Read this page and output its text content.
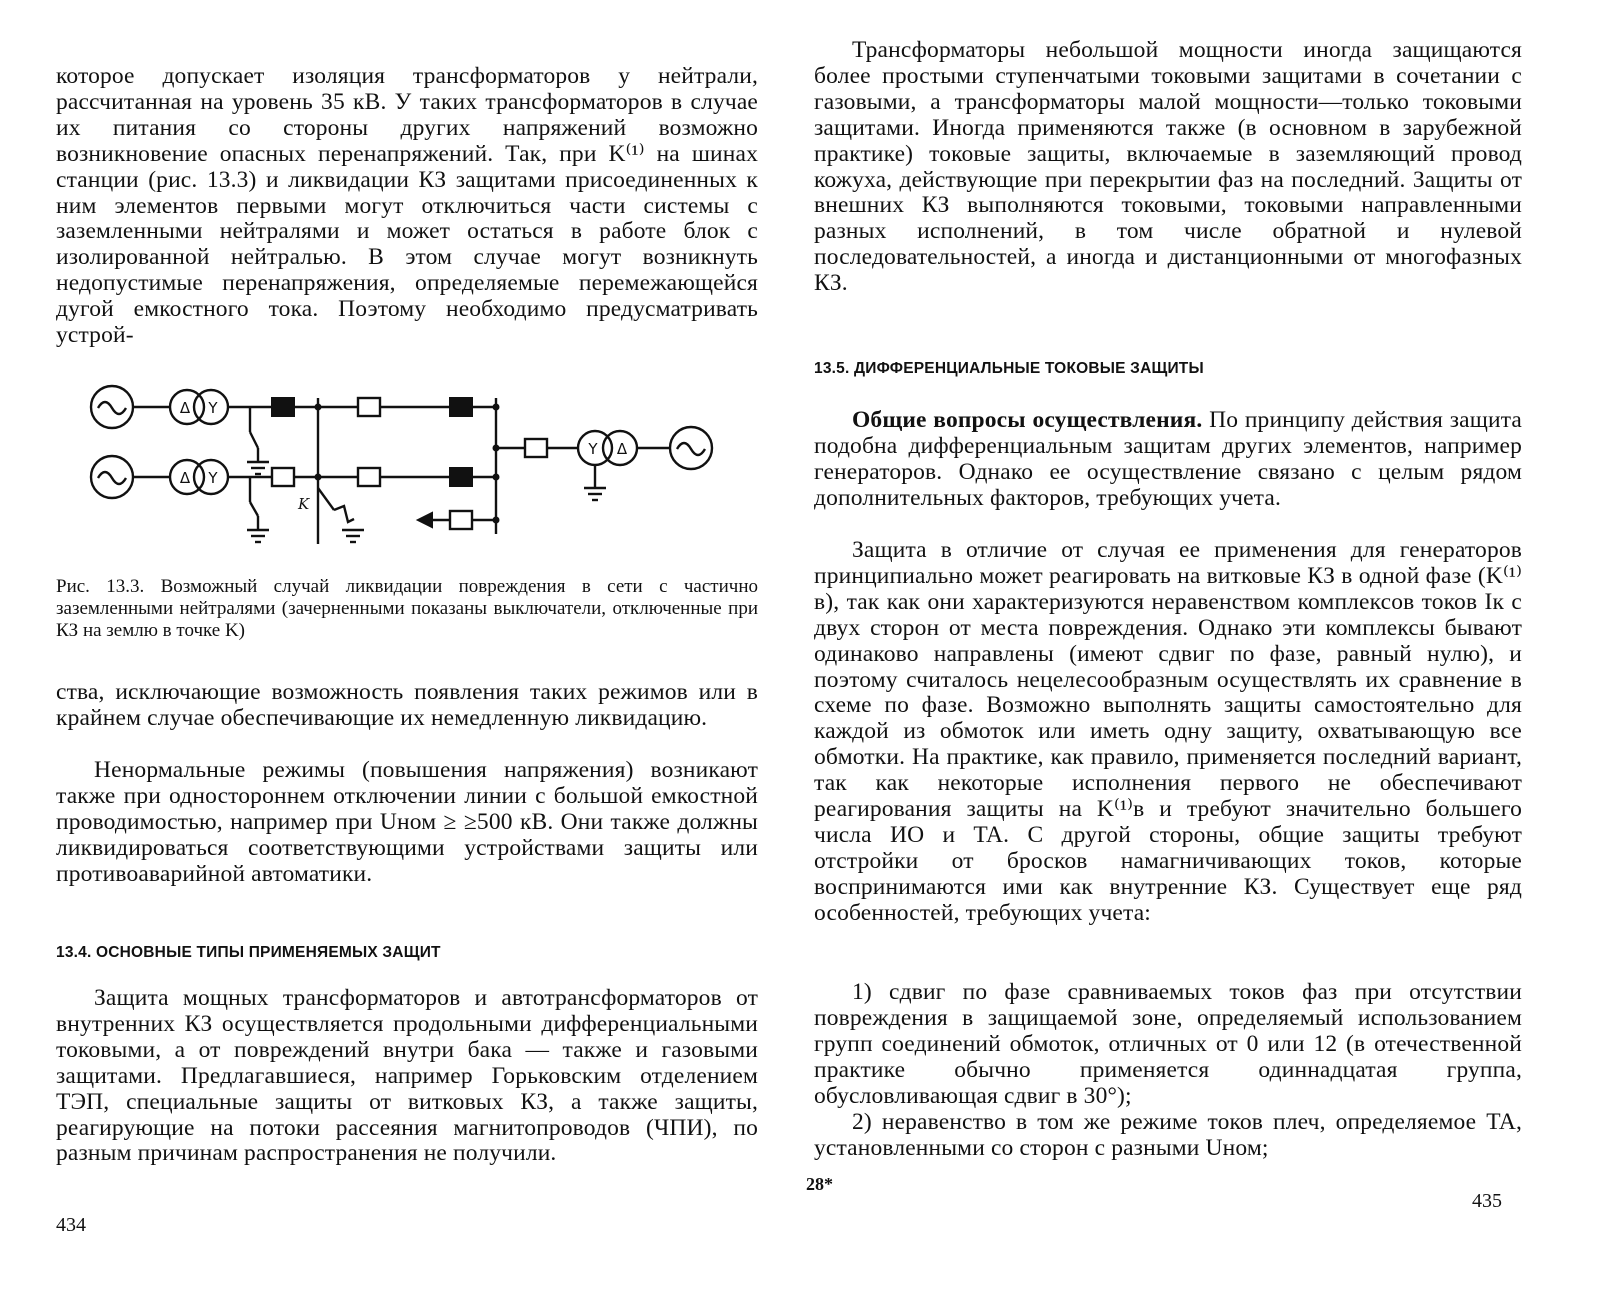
которое допускает изоляция трансформаторов у нейтрали, рассчитанная на уровень 35 кВ. У таких трансформаторов в случае их питания со стороны других напряжений возможно возникновение опасных перенапряжений. Так, при K⁽¹⁾ на шинах станции (рис. 13.3) и ликвидации КЗ защитами присоединенных к ним элементов первыми могут отключиться части системы с заземленными нейтралями и может остаться в работе блок с изолированной нейтралью. В этом случае могут возникнуть недопустимые перенапряжения, определяемые перемежающейся дугой емкостного тока. Поэтому необходимо предусматривать устрой-

Δ Y
Δ Y
Y Δ
K

Рис. 13.3. Возможный случай ликвидации повреждения в сети с частично заземленными нейтралями (зачерненными показаны выключатели, отключенные при КЗ на землю в точке K)

ства, исключающие возможность появления таких режимов или в крайнем случае обеспечивающие их немедленную ликвидацию.

Ненормальные режимы (повышения напряжения) возникают также при одностороннем отключении линии с большой емкостной проводимостью, например при Uном ≥ ≥500 кВ. Они также должны ликвидироваться соответствующими устройствами защиты или противоаварийной автоматики.

13.4. ОСНОВНЫЕ ТИПЫ ПРИМЕНЯЕМЫХ ЗАЩИТ

Защита мощных трансформаторов и автотрансформаторов от внутренних КЗ осуществляется продольными дифференциальными токовыми, а от повреждений внутри бака — также и газовыми защитами. Предлагавшиеся, например Горьковским отделением ТЭП, специальные защиты от витковых КЗ, а также защиты, реагирующие на потоки рассеяния магнитопроводов (ЧПИ), по разным причинам распространения не получили.

434

Трансформаторы небольшой мощности иногда защищаются более простыми ступенчатыми токовыми защитами в сочетании с газовыми, а трансформаторы малой мощности—только токовыми защитами. Иногда применяются также (в основном в зарубежной практике) токовые защиты, включаемые в заземляющий провод кожуха, действующие при перекрытии фаз на последний. Защиты от внешних КЗ выполняются токовыми, токовыми направленными разных исполнений, в том числе обратной и нулевой последовательностей, а иногда и дистанционными от многофазных КЗ.

13.5. ДИФФЕРЕНЦИАЛЬНЫЕ ТОКОВЫЕ ЗАЩИТЫ

Общие вопросы осуществления. По принципу действия защита подобна дифференциальным защитам других элементов, например генераторов. Однако ее осуществление связано с целым рядом дополнительных факторов, требующих учета.

Защита в отличие от случая ее применения для генераторов принципиально может реагировать на витковые КЗ в одной фазе (K⁽¹⁾в), так как они характеризуются неравенством комплексов токов Iк с двух сторон от места повреждения. Однако эти комплексы бывают одинаково направлены (имеют сдвиг по фазе, равный нулю), и поэтому считалось нецелесообразным осуществлять их сравнение в схеме по фазе. Возможно выполнять защиты самостоятельно для каждой из обмоток или иметь одну защиту, охватывающую все обмотки. На практике, как правило, применяется последний вариант, так как некоторые исполнения первого не обеспечивают реагирования защиты на K⁽¹⁾в и требуют значительно большего числа ИО и TA. С другой стороны, общие защиты требуют отстройки от бросков намагничивающих токов, которые воспринимаются ими как внутренние КЗ. Существует еще ряд особенностей, требующих учета:

1) сдвиг по фазе сравниваемых токов фаз при отсутствии повреждения в защищаемой зоне, определяемый использованием групп соединений обмоток, отличных от 0 или 12 (в отечественной практике обычно применяется одиннадцатая группа, обусловливающая сдвиг в 30°);

2) неравенство в том же режиме токов плеч, определяемое TA, установленными со сторон с разными Uном;

28*
435
